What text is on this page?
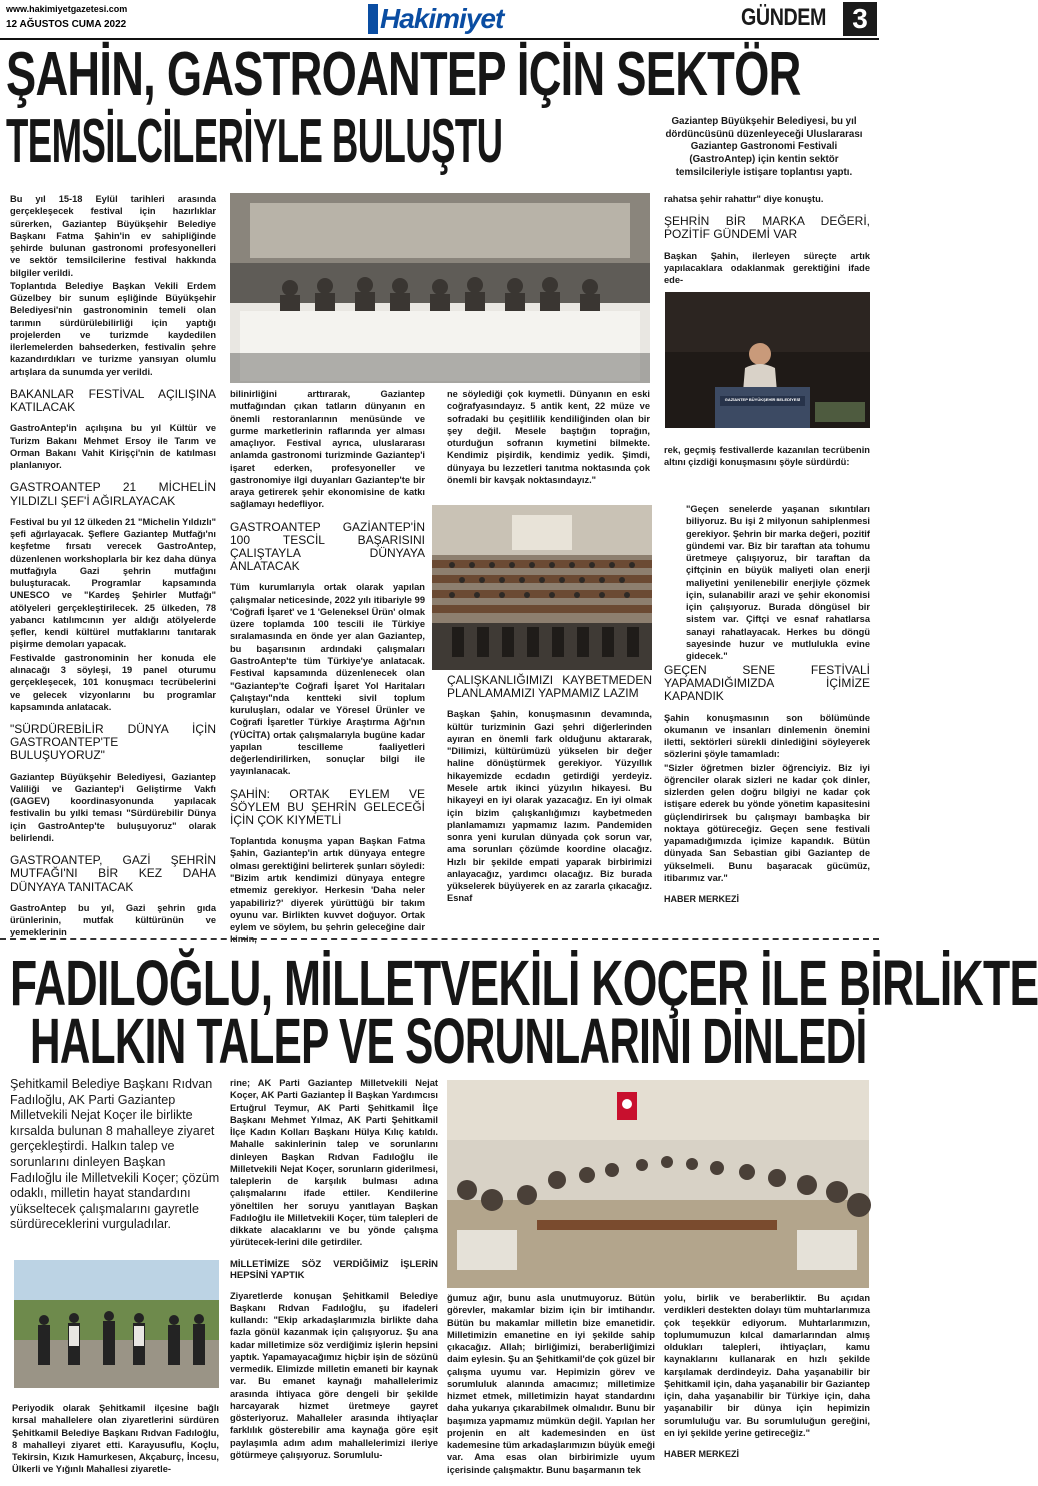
www.hakimiyetgazetesi.com
12 AĞUSTOS CUMA 2022	Hakimiyet	GÜNDEM 3
ŞAHİN, GASTROANTEP İÇİN SEKTÖR
TEMSİLCİLERİYLE BULUŞTU	Gaziantep Büyükşehir Belediyesi, bu yıl dördüncüsünü düzenleyeceği Uluslararası Gaziantep Gastronomi Festivali (GastroAntep) için kentin sektör temsilcileriyle istişare toplantısı yaptı.

Bu yıl 15-18 Eylül tarihleri arasında gerçekleşecek festival için hazırlıklar sürerken, Gaziantep Büyükşehir Belediye Başkanı Fatma Şahin'in ev sahipliğinde şehirde bulunan gastronomi profesyonelleri ve sektör temsilcilerine festival hakkında bilgiler verildi.

Toplantıda Belediye Başkan Vekili Erdem Güzelbey bir sunum eşliğinde Büyükşehir Belediyesi'nin gastronominin temeli olan tarımın sürdürülebilirliği için yaptığı projelerden ve turizmde kaydedilen ilerlemelerden bahsederken, festivalin şehre kazandırdıkları ve turizme yansıyan olumlu artışlara da sunumda yer verildi.

BAKANLAR FESTİVAL AÇILIŞINA KATILACAK

GastroAntep'in açılışına bu yıl Kültür ve Turizm Bakanı Mehmet Ersoy ile Tarım ve Orman Bakanı Vahit Kirişçi'nin de katılması planlanıyor.

GASTROANTEP 21 MİCHELİN YILDIZLI ŞEF'İ AĞIRLAYACAK

Festival bu yıl 12 ülkeden 21 "Michelin Yıldızlı" şefi ağırlayacak. Şeflere Gaziantep Mutfağı'nı keşfetme fırsatı verecek GastroAntep, düzenlenen workshoplarla bir kez daha dünya mutfağıyla Gazi şehrin mutfağını buluşturacak. Programlar kapsamında UNESCO ve "Kardeş Şehirler Mutfağı" atölyeleri gerçekleştirilecek. 25 ülkeden, 78 yabancı katılımcının yer aldığı atölyelerde şefler, kendi kültürel mutfaklarını tanıtarak pişirme demoları yapacak.

Festivalde gastronominin her konuda ele alınacağı 3 söyleşi, 19 panel oturumu gerçekleşecek, 101 konuşmacı tecrübelerini ve gelecek vizyonlarını bu programlar kapsamında anlatacak.

"SÜRDÜREBİLİR DÜNYA İÇİN GASTROANTEP'TE BULUŞUYORUZ"

Gaziantep Büyükşehir Belediyesi, Gaziantep Valiliği ve Gaziantep'i Geliştirme Vakfı (GAGEV) koordinasyonunda yapılacak festivalin bu yılki teması "Sürdürebilir Dünya için GastroAntep'te buluşuyoruz" olarak belirlendi.

GASTROANTEP, GAZİ ŞEHRİN MUTFAĞI'NI BİR KEZ DAHA DÜNYAYA TANITACAK

GastroAntep bu yıl, Gazi şehrin gıda ürünlerinin, mutfak kültürünün ve yemeklerinin

bilinirliğini arttırarak, Gaziantep mutfağından çıkan tatların dünyanın en önemli restoranlarının menüsünde ve gurme marketlerinin raflarında yer alması amaçlıyor. Festival ayrıca, uluslararası anlamda gastronomi turizminde Gaziantep'i işaret ederken, profesyoneller ve gastronomiye ilgi duyanları Gaziantep'te bir araya getirerek şehir ekonomisine de katkı sağlamayı hedefliyor.

GASTROANTEP GAZİANTEP'İN 100 TESCİL BAŞARISINI ÇALIŞTAYLA DÜNYAYA ANLATACAK

Tüm kurumlarıyla ortak olarak yapılan çalışmalar neticesinde, 2022 yılı itibariyle 99 'Coğrafi İşaret' ve 1 'Geleneksel Ürün' olmak üzere toplamda 100 tescili ile Türkiye sıralamasında en önde yer alan Gaziantep, bu başarısının ardındaki çalışmaları GastroAntep'te tüm Türkiye'ye anlatacak. Festival kapsamında düzenlenecek olan "Gaziantep'te Coğrafi İşaret Yol Haritaları Çalıştayı"nda kentteki sivil toplum kuruluşları, odalar ve Yöresel Ürünler ve Coğrafi İşaretler Türkiye Araştırma Ağı'nın (YÜCİTA) ortak çalışmalarıyla bugüne kadar yapılan tescilleme faaliyetleri değerlendirilirken, sonuçlar bilgi ile yayınlanacak.

ŞAHİN: ORTAK EYLEM VE SÖYLEM BU ŞEHRİN GELECEĞİ İÇİN ÇOK KIYMETLİ

Toplantıda konuşma yapan Başkan Fatma Şahin, Gaziantep'in artık dünyaya entegre olması gerektiğini belirterek şunları söyledi: "Bizim artık kendimizi dünyaya entegre etmemiz gerekiyor. Herkesin 'Daha neler yapabiliriz?' diyerek yürüttüğü bir takım oyunu var. Birlikten kuvvet doğuyor. Ortak eylem ve söylem, bu şehrin geleceğine dair kimin,

ne söylediği çok kıymetli. Dünyanın en eski coğrafyasındayız. 5 antik kent, 22 müze ve sofradaki bu çeşitlilik kendiliğinden olan bir şey değil. Mesele baştığın toprağın, oturduğun sofranın kıymetini bilmekte. Kendimiz pişirdik, kendimiz yedik. Şimdi, dünyaya bu lezzetleri tanıtma noktasında çok önemli bir kavşak noktasındayız."

ÇALIŞKANLIĞIMIZI KAYBETMEDEN PLANLAMAMIZI YAPMAMIZ LAZIM

Başkan Şahin, konuşmasının devamında, kültür turizminin Gazi şehri diğerlerinden ayıran en önemli fark olduğunu aktararak, "Dilimizi, kültürümüzü yükselen bir değer haline dönüştürmek gerekiyor. Yüzyıllık hikayemizde ecdadın getirdiği yerdeyiz. Mesele artık ikinci yüzyılın hikayesi. Bu hikayeyi en iyi olarak yazacağız. En iyi olmak için bizim çalışkanlığımızı kaybetmeden planlamamızı yapmamız lazım. Pandemiden sonra yeni kurulan dünyada çok sorun var, ama sorunları çözümde koordine olacağız. Hızlı bir şekilde empati yaparak birbirimizi anlayacağız, yardımcı olacağız. Biz burada yükselerek büyüyerek en az zararla çıkacağız. Esnaf

rahatsa şehir rahattır" diye konuştu.

ŞEHRİN BİR MARKA DEĞERİ, POZİTİF GÜNDEMİ VAR

Başkan Şahin, ilerleyen süreçte artık yapılacaklara odaklanmak gerektiğini ifade ede-

GAZİANTEP BÜYÜKŞEHİR BELEDİYESİ

rek, geçmiş festivallerde kazanılan tecrübenin altını çizdiği konuşmasını şöyle sürdürdü:

"Geçen senelerde yaşanan sıkıntıları biliyoruz. Bu işi 2 milyonun sahiplenmesi gerekiyor. Şehrin bir marka değeri, pozitif gündemi var. Biz bir taraftan ata tohumu üretmeye çalışıyoruz, bir taraftan da çiftçinin en büyük maliyeti olan enerji maliyetini yenilenebilir enerjiyle çözmek için, sulanabilir arazi ve şehir ekonomisi için çalışıyoruz. Burada döngüsel bir sistem var. Çiftçi ve esnaf rahatlarsa sanayi rahatlayacak. Herkes bu döngü sayesinde huzur ve mutlulukla evine gidecek."

GEÇEN SENE FESTİVALİ YAPAMADIĞIMIZDA İÇİMİZE KAPANDIK

Şahin konuşmasının son bölümünde okumanın ve insanları dinlemenin önemini iletti, sektörleri sürekli dinlediğini söyleyerek sözlerini şöyle tamamladı:

"Sizler öğretmen bizler öğrenciyiz. Biz iyi öğrenciler olarak sizleri ne kadar çok dinler, sizlerden gelen doğru bilgiyi ne kadar çok istişare ederek bu yönde yönetim kapasitesini güçlendirirsek bu çalışmayı bambaşka bir noktaya götüreceğiz. Geçen sene festivali yapamadığımızda içimize kapandık. Bütün dünyada San Sebastian gibi Gaziantep de yükselmeli. Bunu başaracak gücümüz, itibarımız var."

HABER MERKEZİ
FADILOĞLU, MİLLETVEKİLİ KOÇER İLE BİRLİKTE
HALKIN TALEP VE SORUNLARINI DİNLEDİ
Şehitkamil Belediye Başkanı Rıdvan Fadıloğlu, AK Parti Gaziantep Milletvekili Nejat Koçer ile birlikte kırsalda bulunan 8 mahalleye ziyaret gerçekleştirdi. Halkın talep ve sorunlarını dinleyen Başkan Fadıloğlu ile Milletvekili Koçer; çözüm odaklı, milletin hayat standardını yükseltecek çalışmalarını gayretle sürdüreceklerini vurguladılar.

Periyodik olarak Şehitkamil ilçesine bağlı kırsal mahallelere olan ziyaretlerini sürdüren Şehitkamil Belediye Başkanı Rıdvan Fadıloğlu, 8 mahalleyi ziyaret etti. Karayusuflu, Koçlu, Tekirsin, Kızık Hamurkesen, Akçaburç, İncesu, Ülkerli ve Yığınlı Mahallesi ziyaretle-

rine; AK Parti Gaziantep Milletvekili Nejat Koçer, AK Parti Gaziantep İl Başkan Yardımcısı Ertuğrul Teymur, AK Parti Şehitkamil İlçe Başkanı Mehmet Yılmaz, AK Parti Şehitkamil İlçe Kadın Kolları Başkanı Hülya Kılıç katıldı. Mahalle sakinlerinin talep ve sorunlarını dinleyen Başkan Rıdvan Fadıloğlu ile Milletvekili Nejat Koçer, sorunların giderilmesi, taleplerin de karşılık bulması adına çalışmalarını ifade ettiler. Kendilerine yöneltilen her soruyu yanıtlayan Başkan Fadıloğlu ile Milletvekili Koçer, tüm talepleri de dikkate alacaklarını ve bu yönde çalışma yürütecek-lerini dile getirdiler.

MİLLETİMİZE SÖZ VERDİĞİMİZ İŞLERİN HEPSİNİ YAPTIK

Ziyaretlerde konuşan Şehitkamil Belediye Başkanı Rıdvan Fadıloğlu, şu ifadeleri kullandı: "Ekip arkadaşlarımızla birlikte daha fazla gönül kazanmak için çalışıyoruz. Şu ana kadar milletimize söz verdiğimiz işlerin hepsini yaptık. Yapamayacağımız hiçbir işin de sözünü vermedik. Elimizde milletin emaneti bir kaynak var. Bu emanet kaynağı mahallelerimiz arasında ihtiyaca göre dengeli bir şekilde harcayarak hizmet üretmeye gayret gösteriyoruz. Mahalleler arasında ihtiyaçlar farklılık gösterebilir ama kaynağa göre eşit paylaşımla adım adım mahallelerimizi ileriye götürmeye çalışıyoruz. Sorumlulu-

ğumuz ağır, bunu asla unutmuyoruz. Bütün görevler, makamlar bizim için bir imtihandır. Bütün bu makamlar milletin bize emanetidir. Milletimizin emanetine en iyi şekilde sahip çıkacağız. Allah; birliğimizi, beraberliğimizi daim eylesin. Şu an Şehitkamil'de çok güzel bir çalışma uyumu var. Hepimizin görev ve sorumluluk alanında amacımız; milletimize hizmet etmek, milletimizin hayat standardını daha yukarıya çıkarabilmek olmalıdır. Bunu bir başımıza yapmamız mümkün değil. Yapılan her projenin en alt kademesinden en üst kademesine tüm arkadaşlarımızın büyük emeği var. Ama esas olan birbirimizle uyum içerisinde çalışmaktır. Bunu başarmanın tek

yolu, birlik ve beraberliktir. Bu açıdan verdikleri destekten dolayı tüm muhtarlarımıza çok teşekkür ediyorum. Muhtarlarımızın, toplumumuzun kılcal damarlarından almış oldukları talepleri, ihtiyaçları, kamu kaynaklarını kullanarak en hızlı şekilde karşılamak derdindeyiz. Daha yaşanabilir bir Şehitkamil için, daha yaşanabilir bir Gaziantep için, daha yaşanabilir bir Türkiye için, daha yaşanabilir bir dünya için hepimizin sorumluluğu var. Bu sorumluluğun gereğini, en iyi şekilde yerine getireceğiz."

HABER MERKEZİ
